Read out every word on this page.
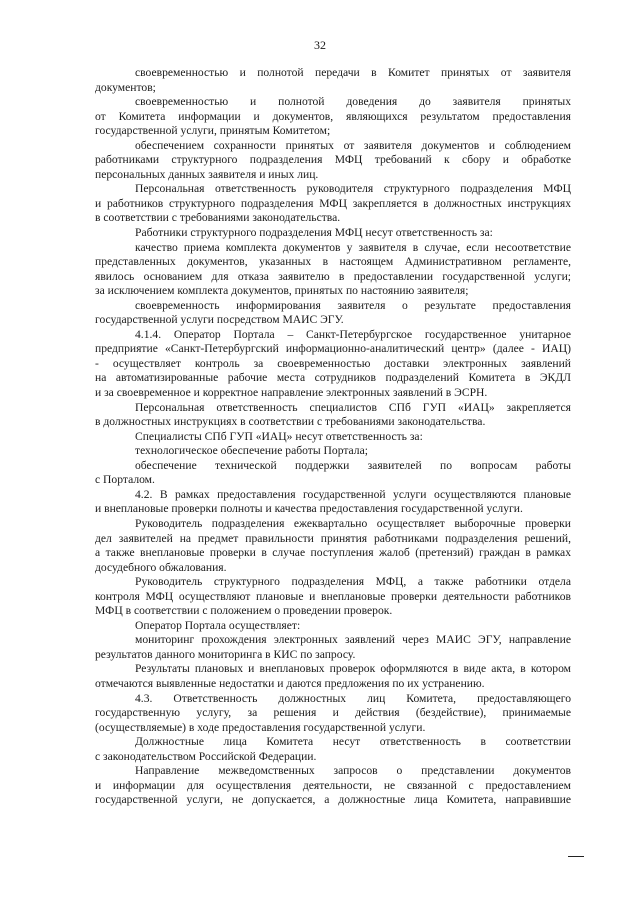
32
своевременностью и полнотой передачи в Комитет принятых от заявителя
документов;
своевременностью и полнотой доведения до заявителя принятых
от Комитета информации и документов, являющихся результатом предоставления
государственной услуги, принятым Комитетом;
обеспечением сохранности принятых от заявителя документов и соблюдением
работниками структурного подразделения МФЦ требований к сбору и обработке
персональных данных заявителя и иных лиц.
Персональная ответственность руководителя структурного подразделения МФЦ
и работников структурного подразделения МФЦ закрепляется в должностных инструкциях
в соответствии с требованиями законодательства.
Работники структурного подразделения МФЦ несут ответственность за:
качество приема комплекта документов у заявителя в случае, если несоответствие
представленных документов, указанных в настоящем Административном регламенте,
явилось основанием для отказа заявителю в предоставлении государственной услуги;
за исключением комплекта документов, принятых по настоянию заявителя;
своевременность информирования заявителя о результате предоставления
государственной услуги посредством МАИС ЭГУ.
4.1.4. Оператор Портала – Санкт-Петербургское государственное унитарное
предприятие «Санкт-Петербургский информационно-аналитический центр» (далее - ИАЦ)
- осуществляет контроль за своевременностью доставки электронных заявлений
на автоматизированные рабочие места сотрудников подразделений Комитета в ЭКДЛ
и за своевременное и корректное направление электронных заявлений в ЭСРН.
Персональная ответственность специалистов СПб ГУП «ИАЦ» закрепляется
в должностных инструкциях в соответствии с требованиями законодательства.
Специалисты СПб ГУП «ИАЦ» несут ответственность за:
технологическое обеспечение работы Портала;
обеспечение технической поддержки заявителей по вопросам работы
с Порталом.
4.2. В рамках предоставления государственной услуги осуществляются плановые
и внеплановые проверки полноты и качества предоставления государственной услуги.
Руководитель подразделения ежеквартально осуществляет выборочные проверки
дел заявителей на предмет правильности принятия работниками подразделения решений,
а также внеплановые проверки в случае поступления жалоб (претензий) граждан в рамках
досудебного обжалования.
Руководитель структурного подразделения МФЦ, а также работники отдела
контроля МФЦ осуществляют плановые и внеплановые проверки деятельности работников
МФЦ в соответствии с положением о проведении проверок.
Оператор Портала осуществляет:
мониторинг прохождения электронных заявлений через МАИС ЭГУ, направление
результатов данного мониторинга в КИС по запросу.
Результаты плановых и внеплановых проверок оформляются в виде акта, в котором
отмечаются выявленные недостатки и даются предложения по их устранению.
4.3. Ответственность должностных лиц Комитета, предоставляющего
государственную услугу, за решения и действия (бездействие), принимаемые
(осуществляемые) в ходе предоставления государственной услуги.
Должностные лица Комитета несут ответственность в соответствии
с законодательством Российской Федерации.
Направление межведомственных запросов о представлении документов
и информации для осуществления деятельности, не связанной с предоставлением
государственной услуги, не допускается, а должностные лица Комитета, направившие
